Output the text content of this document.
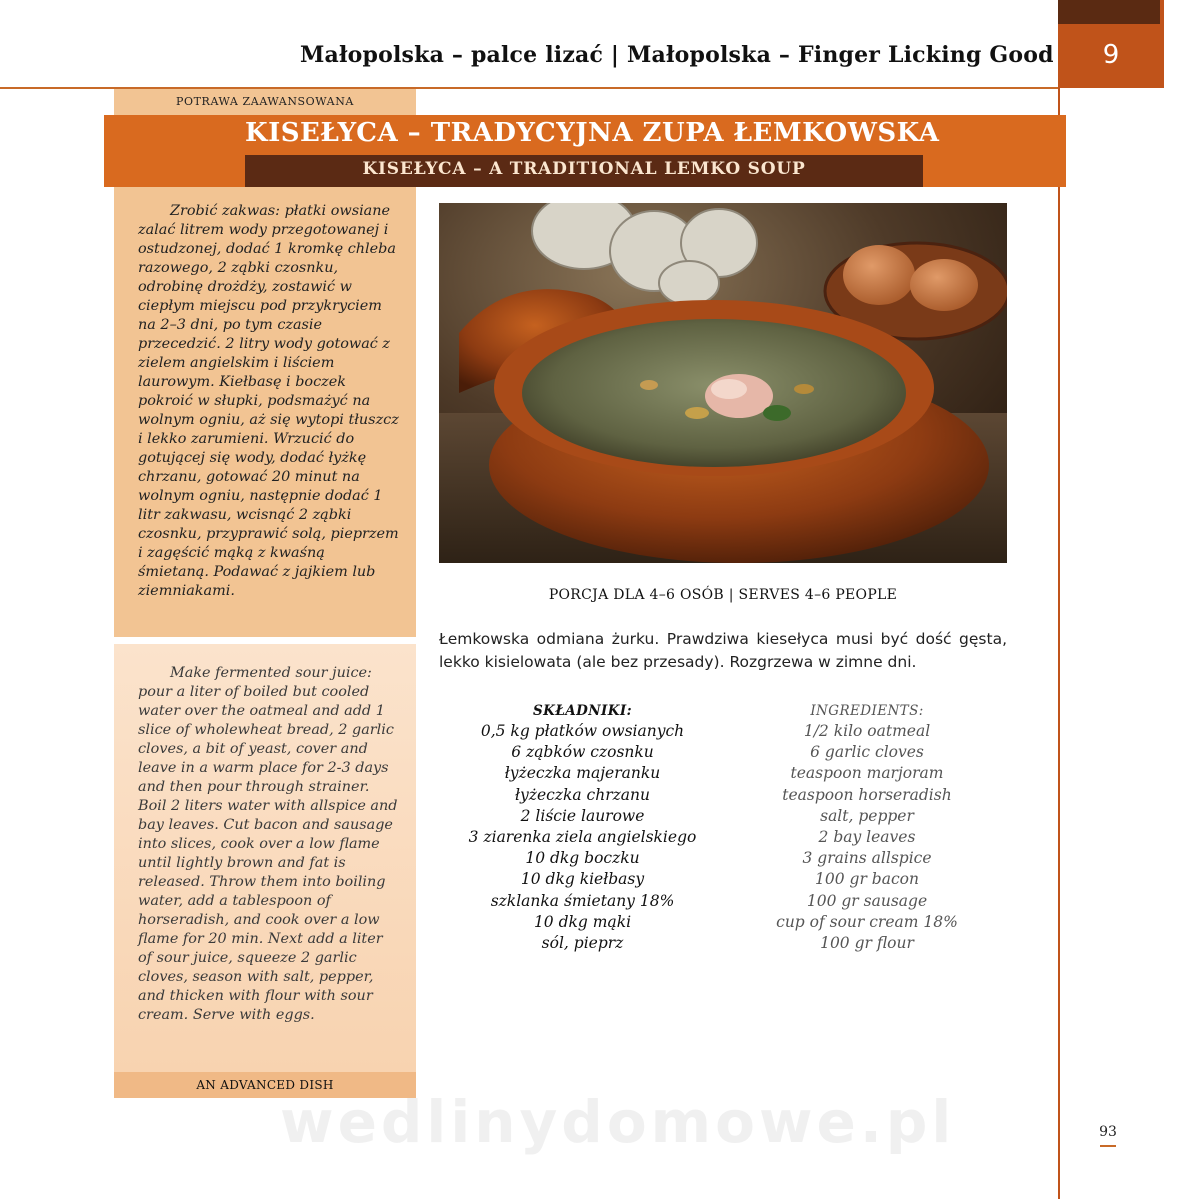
Małopolska – palce lizać | Małopolska – Finger Licking Good	9
POTRAWA ZAAWANSOWANA
AN ADVANCED DISH
KISEŁYCA – TRADYCYJNA ZUPA ŁEMKOWSKA
KISEŁYCA – A TRADITIONAL LEMKO SOUP
Zrobić zakwas: płatki owsiane zalać litrem wody przegotowanej i ostudzonej, dodać 1 kromkę chleba razowego, 2 ząbki czosnku, odrobinę drożdży, zostawić w ciepłym miejscu pod przykryciem na 2–3 dni, po tym czasie przecedzić. 2 litry wody gotować z zielem angielskim i liściem laurowym. Kiełbasę i boczek pokroić w słupki, podsmażyć na wolnym ogniu, aż się wytopi tłuszcz i lekko zarumieni. Wrzucić do gotującej się wody, dodać łyżkę chrzanu, gotować 20 minut na wolnym ogniu, następnie dodać 1 litr zakwasu, wcisnąć 2 ząbki czosnku, przyprawić solą, pieprzem i zagęścić mąką z kwaśną śmietaną. Podawać z jajkiem lub ziemniakami.
Make fermented sour juice: pour a liter of boiled but cooled water over the oatmeal and add 1 slice of wholewheat bread, 2 garlic cloves, a bit of yeast, cover and leave in a warm place for 2-3 days and then pour through strainer. Boil 2 liters water with allspice and bay leaves. Cut bacon and sausage into slices, cook over a low flame until lightly brown and fat is released. Throw them into boiling water, add a tablespoon of horseradish, and cook over a low flame for 20 min. Next add a liter of sour juice, squeeze 2 garlic cloves, season with salt, pepper, and thicken with flour with sour cream. Serve with eggs.
PORCJA DLA 4–6 OSÓB | SERVES 4–6 PEOPLE
Łemkowska odmiana żurku. Prawdziwa kiesełyca musi być dość gęsta, lekko kisielowata (ale bez przesady). Rozgrzewa w zimne dni.
SKŁADNIKI:
0,5 kg płatków owsianych
6 ząbków czosnku
łyżeczka majeranku
łyżeczka chrzanu
2 liście laurowe
3 ziarenka ziela angielskiego
10 dkg boczku
10 dkg kiełbasy
szklanka śmietany 18%
10 dkg mąki
sól, pieprz
INGREDIENTS:
1/2 kilo oatmeal
6 garlic cloves
teaspoon marjoram
teaspoon horseradish
salt, pepper
2 bay leaves
3 grains allspice
100 gr bacon
100 gr sausage
cup of sour cream 18%
100 gr flour
wedlinydomowe.pl	93
